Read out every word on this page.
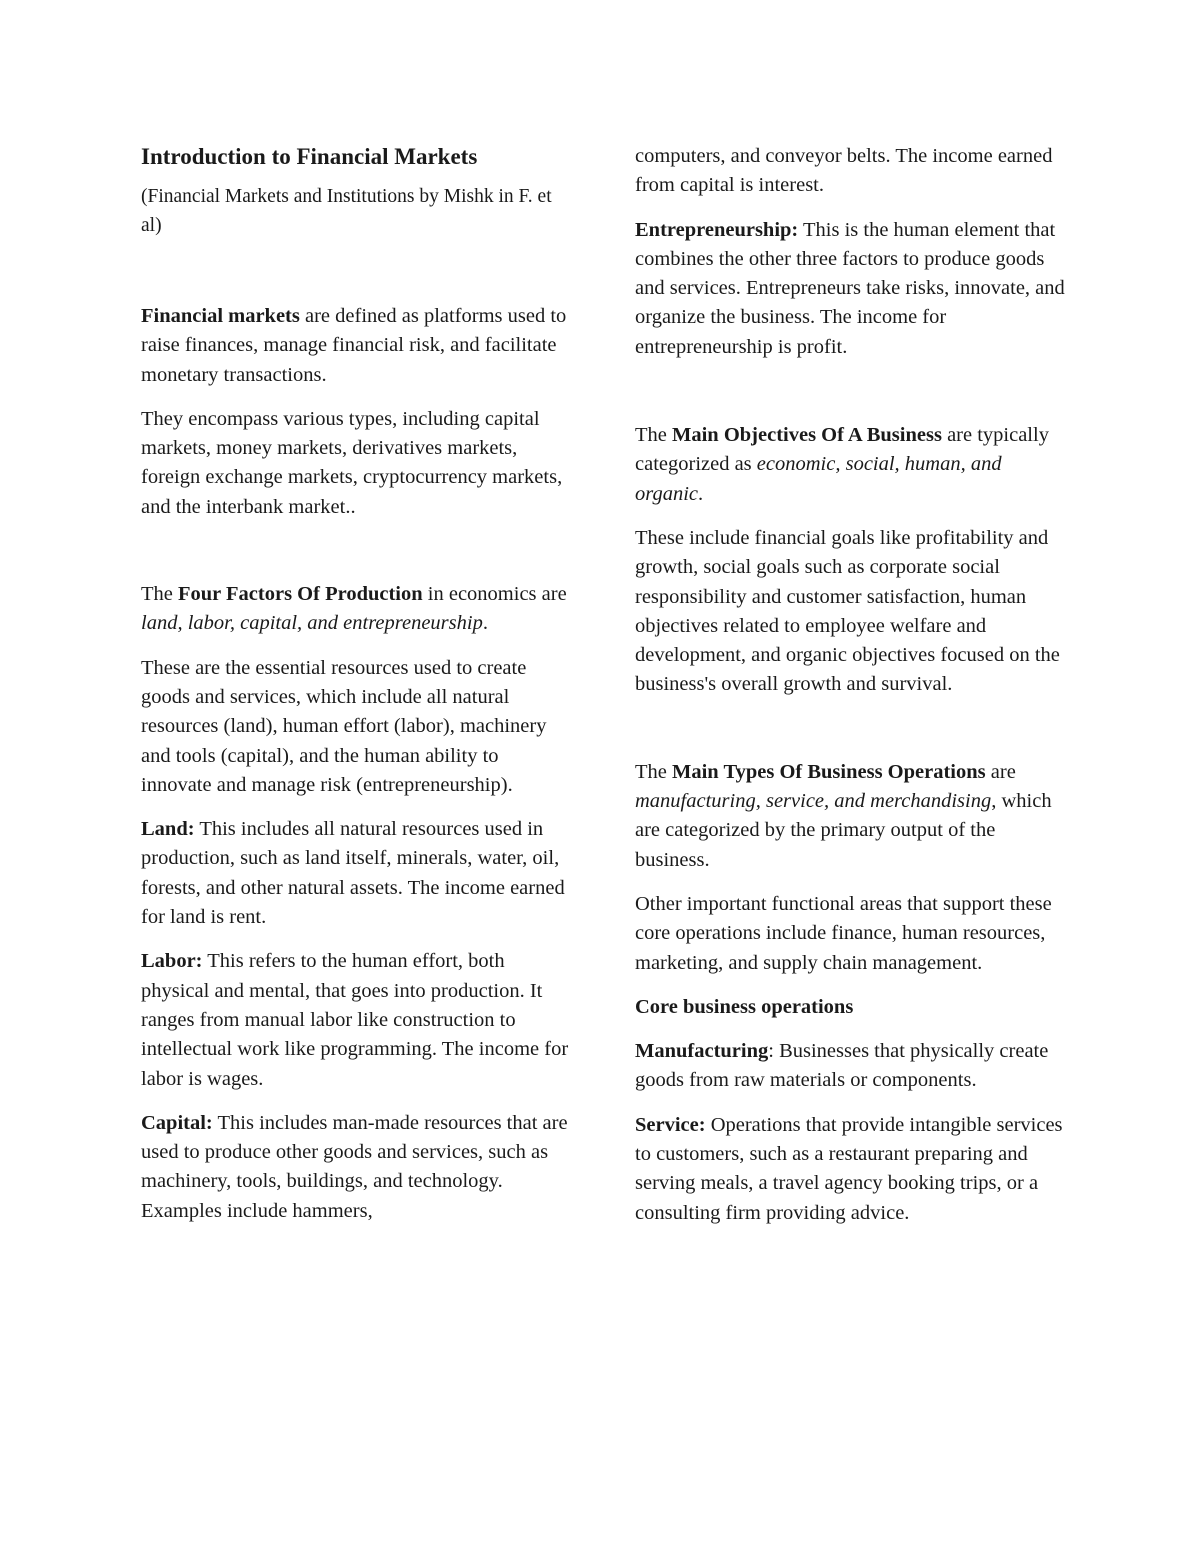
Introduction to Financial Markets

(Financial Markets and Institutions by Mishk in F. et al)

Financial markets are defined as platforms used to raise finances, manage financial risk, and facilitate monetary transactions.

They encompass various types, including capital markets, money markets, derivatives markets, foreign exchange markets, cryptocurrency markets, and the interbank market..

The Four Factors Of Production in economics are land, labor, capital, and entrepreneurship.

These are the essential resources used to create goods and services, which include all natural resources (land), human effort (labor), machinery and tools (capital), and the human ability to innovate and manage risk (entrepreneurship).

Land: This includes all natural resources used in production, such as land itself, minerals, water, oil, forests, and other natural assets. The income earned for land is rent.

Labor: This refers to the human effort, both physical and mental, that goes into production. It ranges from manual labor like construction to intellectual work like programming. The income for labor is wages.

Capital: This includes man-made resources that are used to produce other goods and services, such as machinery, tools, buildings, and technology. Examples include hammers,

computers, and conveyor belts. The income earned from capital is interest.

Entrepreneurship: This is the human element that combines the other three factors to produce goods and services. Entrepreneurs take risks, innovate, and organize the business. The income for entrepreneurship is profit.

The Main Objectives Of A Business are typically categorized as economic, social, human, and organic.

These include financial goals like profitability and growth, social goals such as corporate social responsibility and customer satisfaction, human objectives related to employee welfare and development, and organic objectives focused on the business's overall growth and survival.

The Main Types Of Business Operations are manufacturing, service, and merchandising, which are categorized by the primary output of the business.

Other important functional areas that support these core operations include finance, human resources, marketing, and supply chain management.

Core business operations

Manufacturing: Businesses that physically create goods from raw materials or components.

Service: Operations that provide intangible services to customers, such as a restaurant preparing and serving meals, a travel agency booking trips, or a consulting firm providing advice.
